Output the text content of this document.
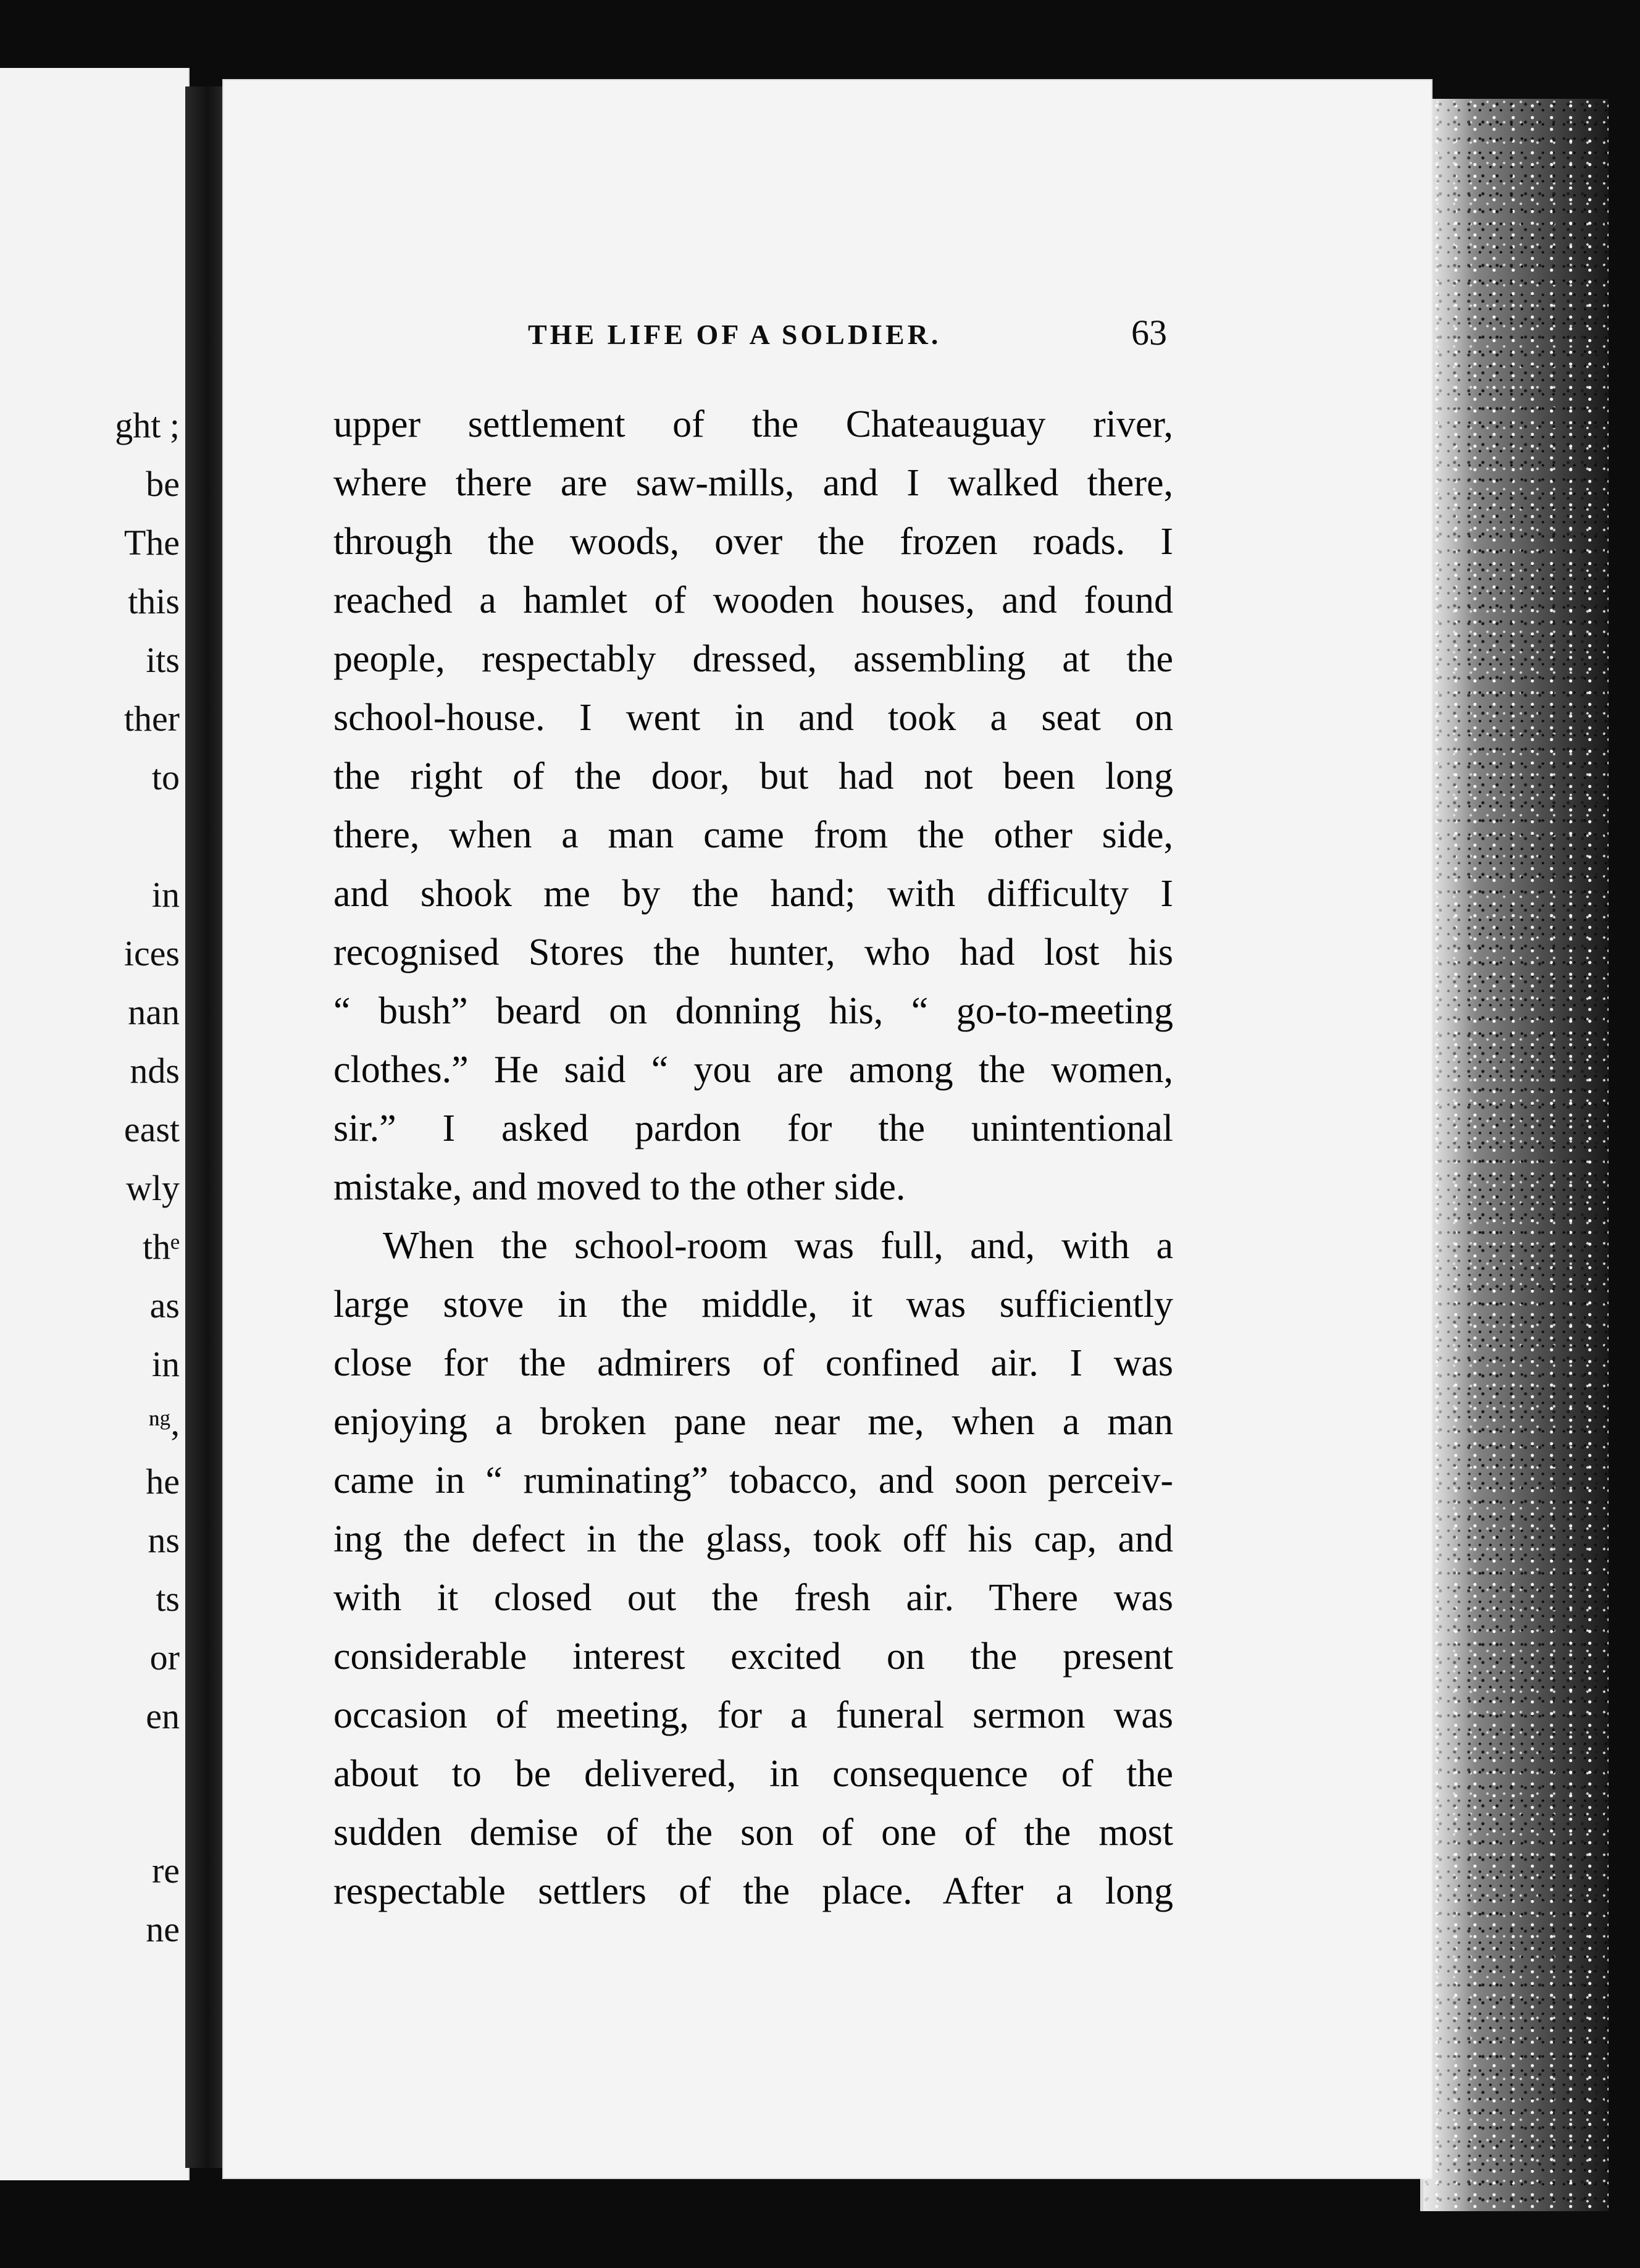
ght ;
be
The
this
its
ther
to
in
ices
nan
nds
east
wly
thᵉ
as
in
ⁿᵍ,
he
ns
ts
or
en
re
ne
THE LIFE OF A SOLDIER.	63
upper settlement of the Chateauguay river,
where there are saw-mills, and I walked there,
through the woods, over the frozen roads. I
reached a hamlet of wooden houses, and found
people, respectably dressed, assembling at the
school-house. I went in and took a seat on
the right of the door, but had not been long
there, when a man came from the other side,
and shook me by the hand; with difficulty I
recognised Stores the hunter, who had lost his
“ bush” beard on donning his, “ go-to-meeting
clothes.” He said “ you are among the women,
sir.” I asked pardon for the unintentional
mistake, and moved to the other side.
When the school-room was full, and, with a
large stove in the middle, it was sufficiently
close for the admirers of confined air. I was
enjoying a broken pane near me, when a man
came in “ ruminating” tobacco, and soon perceiv-
ing the defect in the glass, took off his cap, and
with it closed out the fresh air. There was
considerable interest excited on the present
occasion of meeting, for a funeral sermon was
about to be delivered, in consequence of the
sudden demise of the son of one of the most
respectable settlers of the place. After a long
